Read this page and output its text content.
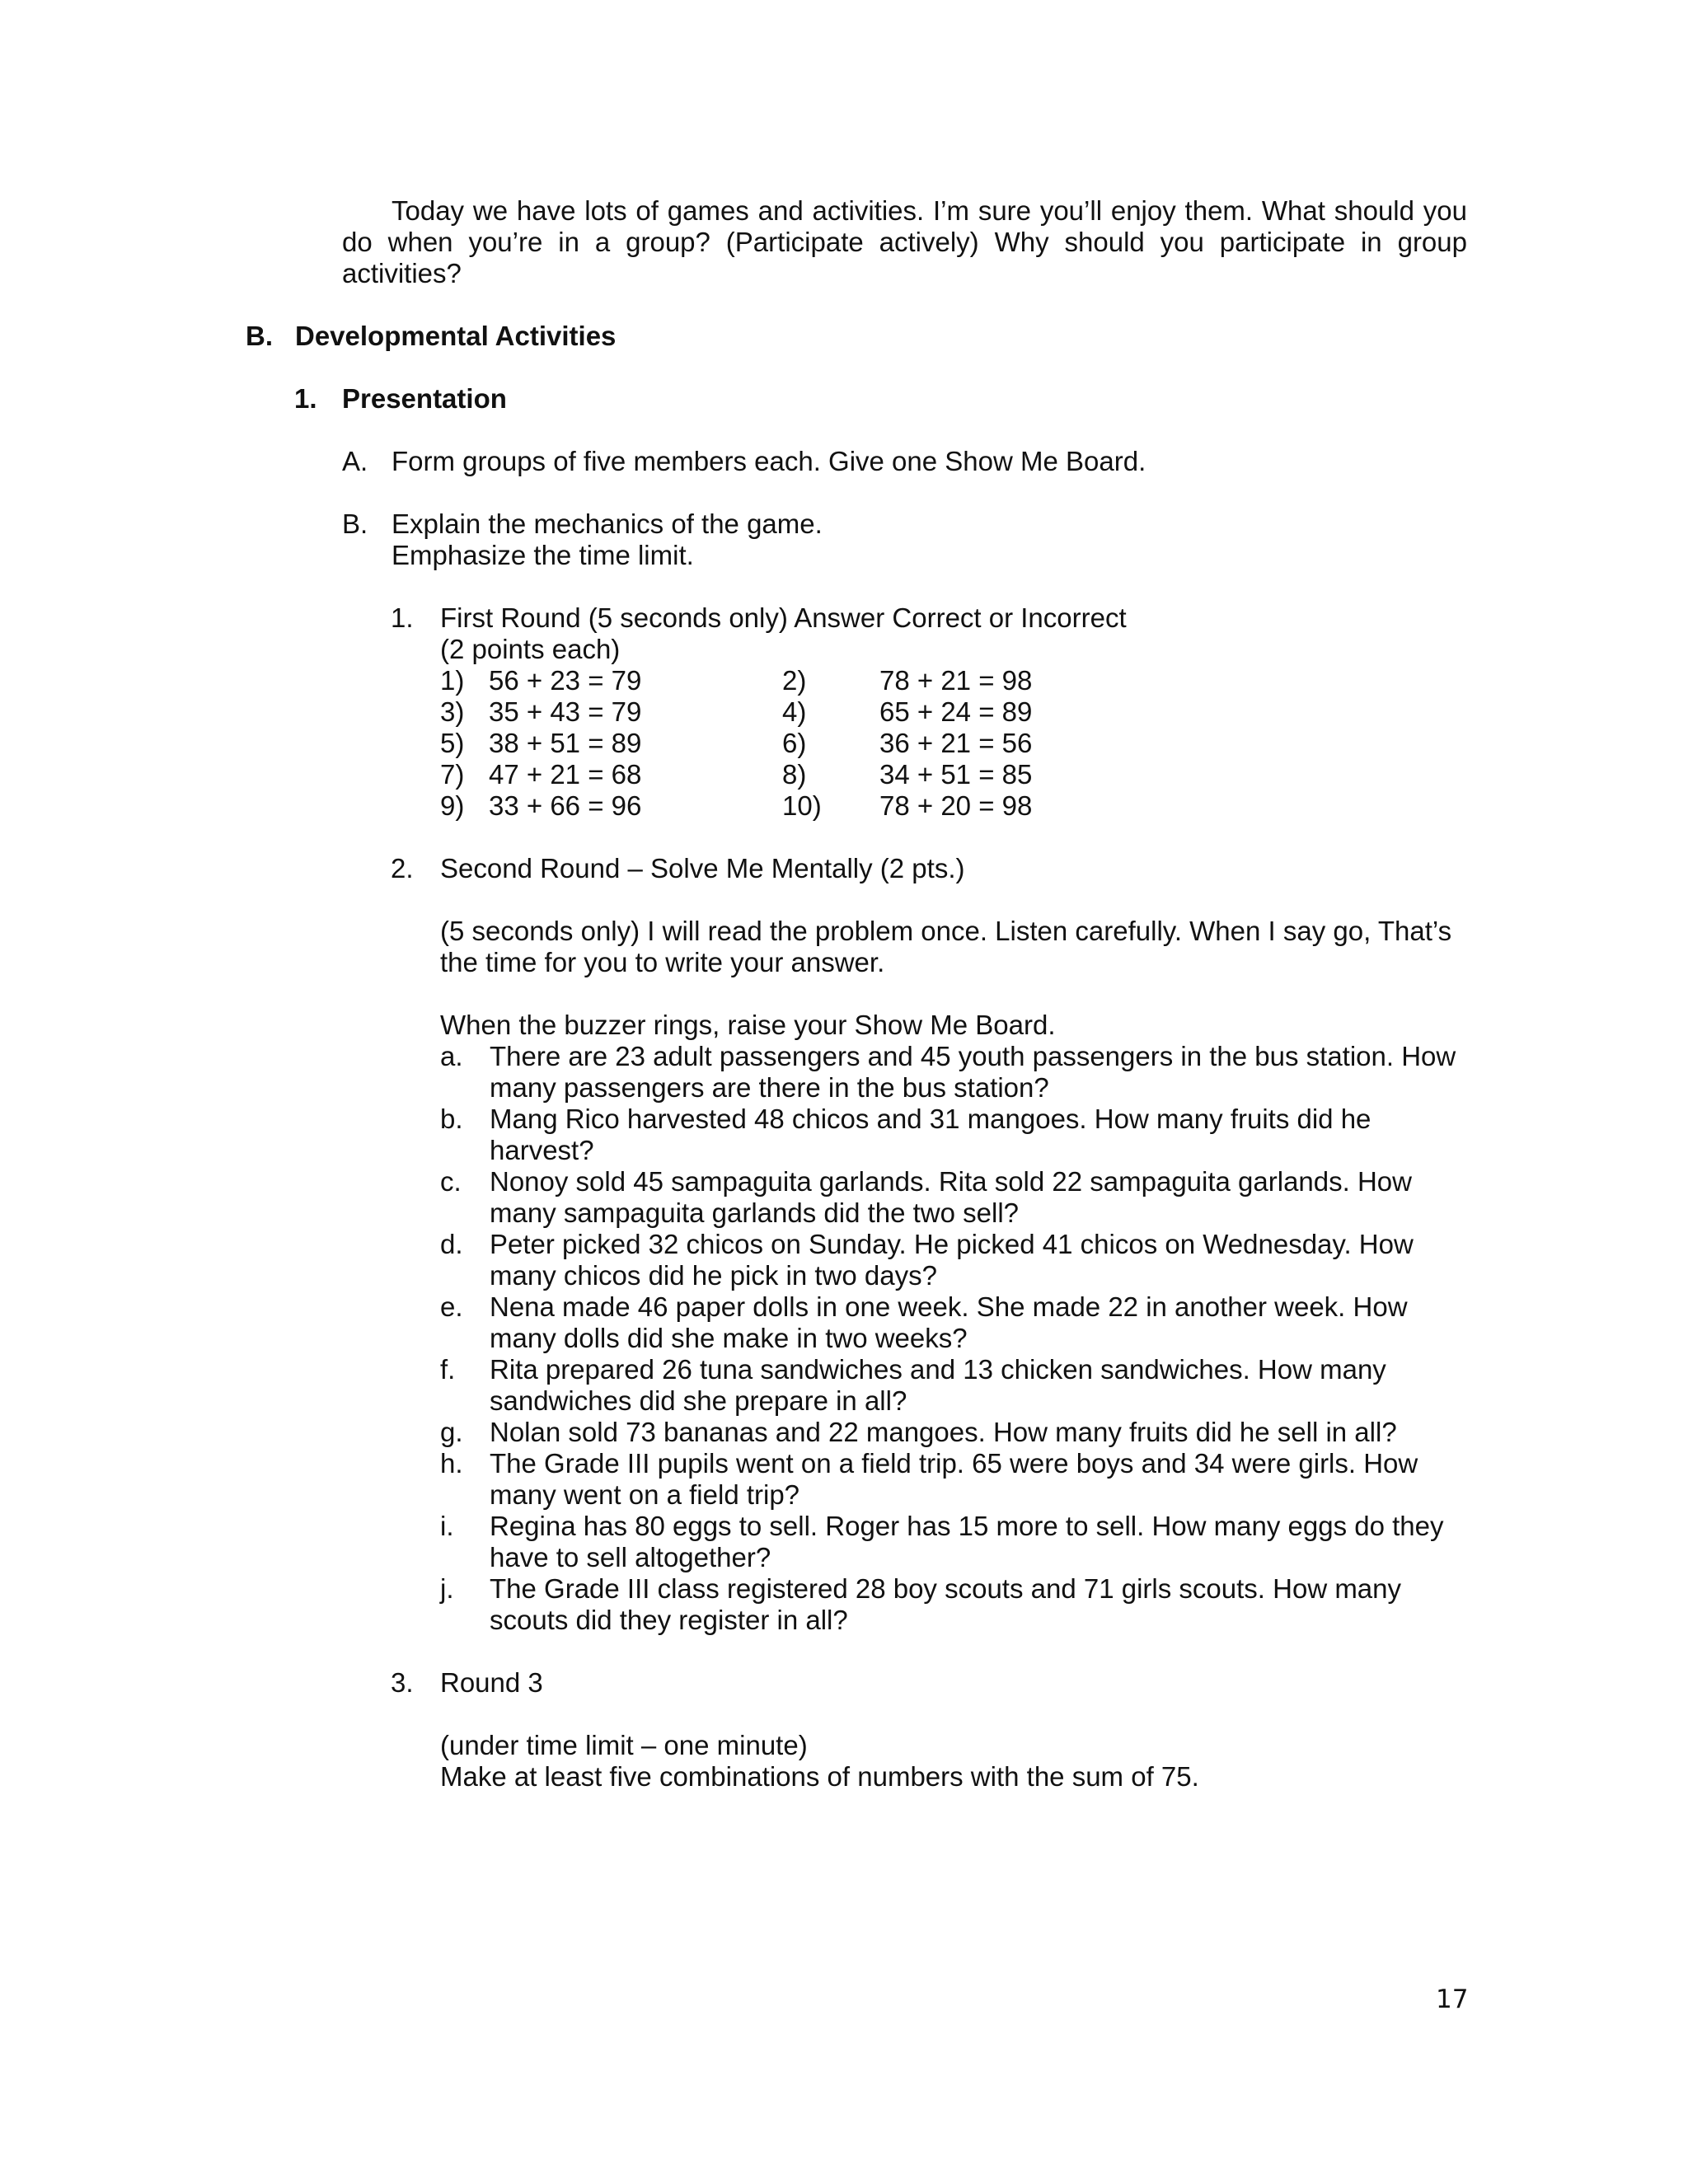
Today we have lots of games and activities. I’m sure you’ll enjoy them. What should you do when you’re in a group? (Participate actively) Why should you participate in group activities?

B. Developmental Activities
1. Presentation
A. Form groups of five members each. Give one Show Me Board.
B. Explain the mechanics of the game.
Emphasize the time limit.
1. First Round (5 seconds only) Answer Correct or Incorrect
(2 points each)
1) 56 + 23 = 79	2)	78 + 21 = 98
3) 35 + 43 = 79	4)	65 + 24 = 89
5) 38 + 51 = 89	6)	36 + 21 = 56
7) 47 + 21 = 68	8)	34 + 51 = 85
9) 33 + 66 = 96	10) 78 + 20 = 98
2. Second Round – Solve Me Mentally (2 pts.)
(5 seconds only) I will read the problem once. Listen carefully. When I say go, That’s
the time for you to write your answer.
When the buzzer rings, raise your Show Me Board.
a. There are 23 adult passengers and 45 youth passengers in the bus station. How
many passengers are there in the bus station?
b. Mang Rico harvested 48 chicos and 31 mangoes. How many fruits did he
harvest?
c. Nonoy sold 45 sampaguita garlands. Rita sold 22 sampaguita garlands. How
many sampaguita garlands did the two sell?
d. Peter picked 32 chicos on Sunday. He picked 41 chicos on Wednesday. How
many chicos did he pick in two days?
e. Nena made 46 paper dolls in one week. She made 22 in another week. How
many dolls did she make in two weeks?
f. Rita prepared 26 tuna sandwiches and 13 chicken sandwiches. How many
sandwiches did she prepare in all?
g. Nolan sold 73 bananas and 22 mangoes. How many fruits did he sell in all?
h. The Grade III pupils went on a field trip. 65 were boys and 34 were girls. How
many went on a field trip?
i. Regina has 80 eggs to sell. Roger has 15 more to sell. How many eggs do they
have to sell altogether?
j. The Grade III class registered 28 boy scouts and 71 girls scouts. How many
scouts did they register in all?
3. Round 3
(under time limit – one minute)
Make at least five combinations of numbers with the sum of 75.
17
